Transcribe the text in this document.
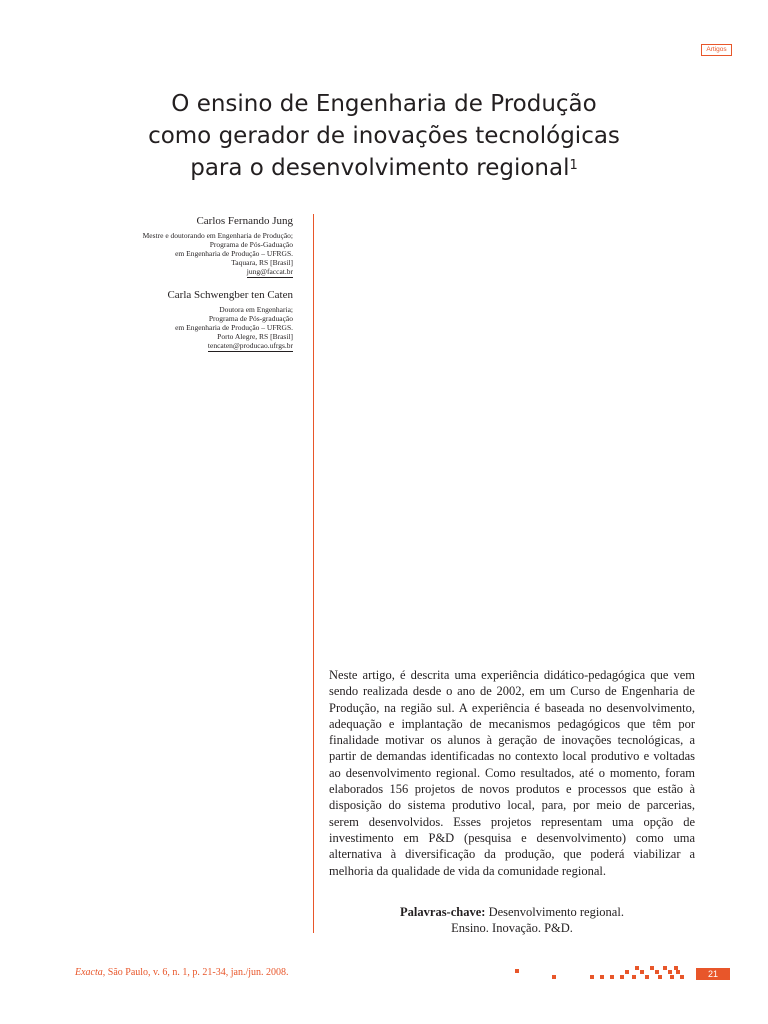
Artigos
O ensino de Engenharia de Produção
como gerador de inovações tecnológicas
para o desenvolvimento regional$^1$
Carlos Fernando Jung
Mestre e doutorando em Engenharia de Produção;
Programa de Pós-Gaduação
em Engenharia de Produção – UFRGS.
Taquara, RS [Brasil]
jung@faccat.br
Carla Schwengber ten Caten
Doutora em Engenharia;
Programa de Pós-graduação
em Engenharia de Produção – UFRGS.
Porto Alegre, RS [Brasil]
tencaten@producao.ufrgs.br

Neste artigo, é descrita uma experiência didático-pedagógica que vem sendo realizada desde o ano de 2002, em um Curso de Engenharia de Produção, na região sul. A experiência é baseada no desenvolvimento, adequação e implantação de mecanismos pedagógicos que têm por finalidade motivar os alunos à geração de inovações tecnológicas, a partir de demandas identificadas no contexto local produtivo e voltadas ao desenvolvimento regional. Como resultados, até o momento, foram elaborados 156 projetos de novos produtos e processos que estão à disposição do sistema produtivo local, para, por meio de parcerias, serem desenvolvidos. Esses projetos representam uma opção de investimento em P&D (pesquisa e desenvolvimento) como uma alternativa à diversificação da produção, que poderá viabilizar a melhoria da qualidade de vida da comunidade regional.

Palavras-chave: Desenvolvimento regional.
Ensino. Inovação. P&D.
Exacta, São Paulo, v. 6, n. 1, p. 21-34, jan./jun. 2008.	21
